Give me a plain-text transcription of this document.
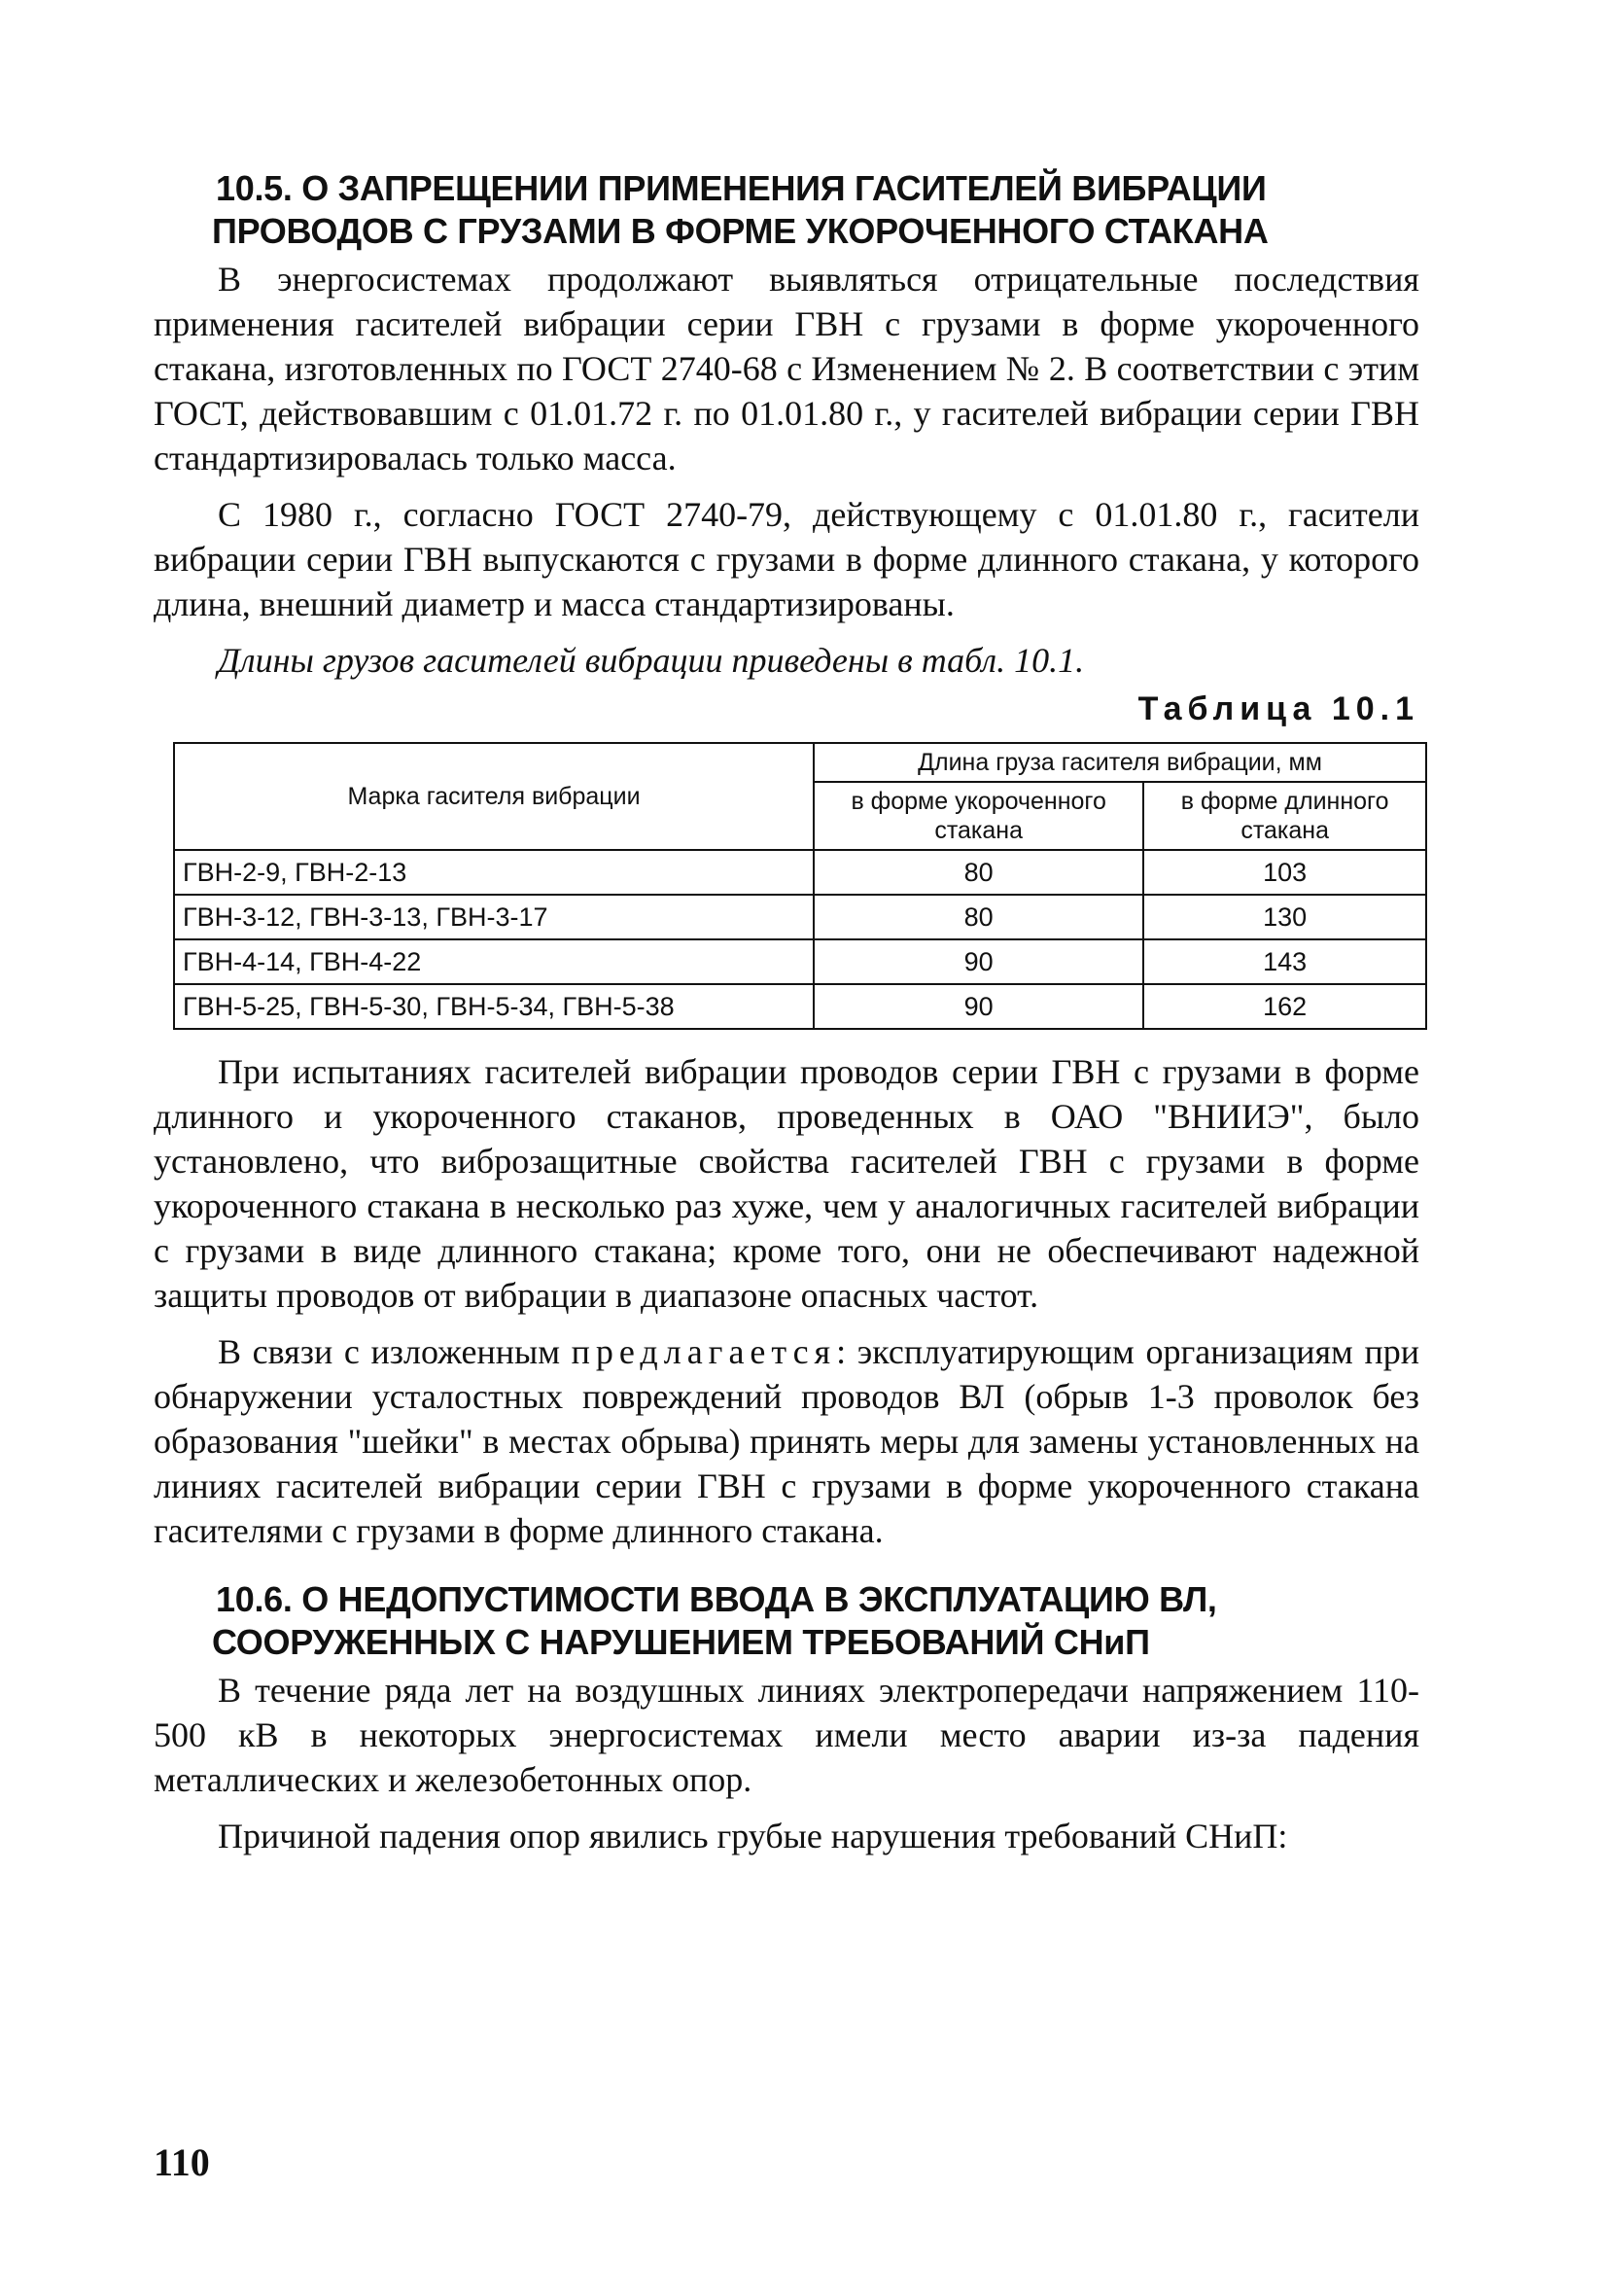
10.5. О ЗАПРЕЩЕНИИ ПРИМЕНЕНИЯ ГАСИТЕЛЕЙ ВИБРАЦИИ
ПРОВОДОВ С ГРУЗАМИ В ФОРМЕ УКОРОЧЕННОГО СТАКАНА

В энергосистемах продолжают выявляться отрицательные последствия применения гасителей вибрации серии ГВН с грузами в форме укороченного стакана, изготовленных по ГОСТ 2740-68 с Изменением № 2. В соответствии с этим ГОСТ, действовавшим с 01.01.72 г. по 01.01.80 г., у гасителей вибрации серии ГВН стандартизировалась только масса.

С 1980 г., согласно ГОСТ 2740-79, действующему с 01.01.80 г., гасители вибрации серии ГВН выпускаются с грузами в форме длинного стакана, у которого длина, внешний диаметр и масса стандартизированы.

Длины грузов гасителей вибрации приведены в табл. 10.1.

Таблица 10.1
Марка гасителя вибрации	Длина груза гасителя вибрации, мм	
	в форме укороченного стакана	в форме длинного стакана
ГВН-2-9, ГВН-2-13	80	103
ГВН-3-12, ГВН-3-13, ГВН-3-17	80	130
ГВН-4-14, ГВН-4-22	90	143
ГВН-5-25, ГВН-5-30, ГВН-5-34, ГВН-5-38	90	162

При испытаниях гасителей вибрации проводов серии ГВН с грузами в форме длинного и укороченного стаканов, проведенных в ОАО "ВНИИЭ", было установлено, что виброзащитные свойства гасителей ГВН с грузами в форме укороченного стакана в несколько раз хуже, чем у аналогичных гасителей вибрации с грузами в виде длинного стакана; кроме того, они не обеспечивают надежной защиты проводов от вибрации в диапазоне опасных частот.

В связи с изложенным предлагается: эксплуатирующим организациям при обнаружении усталостных повреждений проводов ВЛ (обрыв 1-3 проволок без образования "шейки" в местах обрыва) принять меры для замены установленных на линиях гасителей вибрации серии ГВН с грузами в форме укороченного стакана гасителями с грузами в форме длинного стакана.

10.6. О НЕДОПУСТИМОСТИ ВВОДА В ЭКСПЛУАТАЦИЮ ВЛ,
СООРУЖЕННЫХ С НАРУШЕНИЕМ ТРЕБОВАНИЙ СНиП

В течение ряда лет на воздушных линиях электропередачи напряжением 110-500 кВ в некоторых энергосистемах имели место аварии из-за падения металлических и железобетонных опор.

Причиной падения опор явились грубые нарушения требований СНиП:

110
